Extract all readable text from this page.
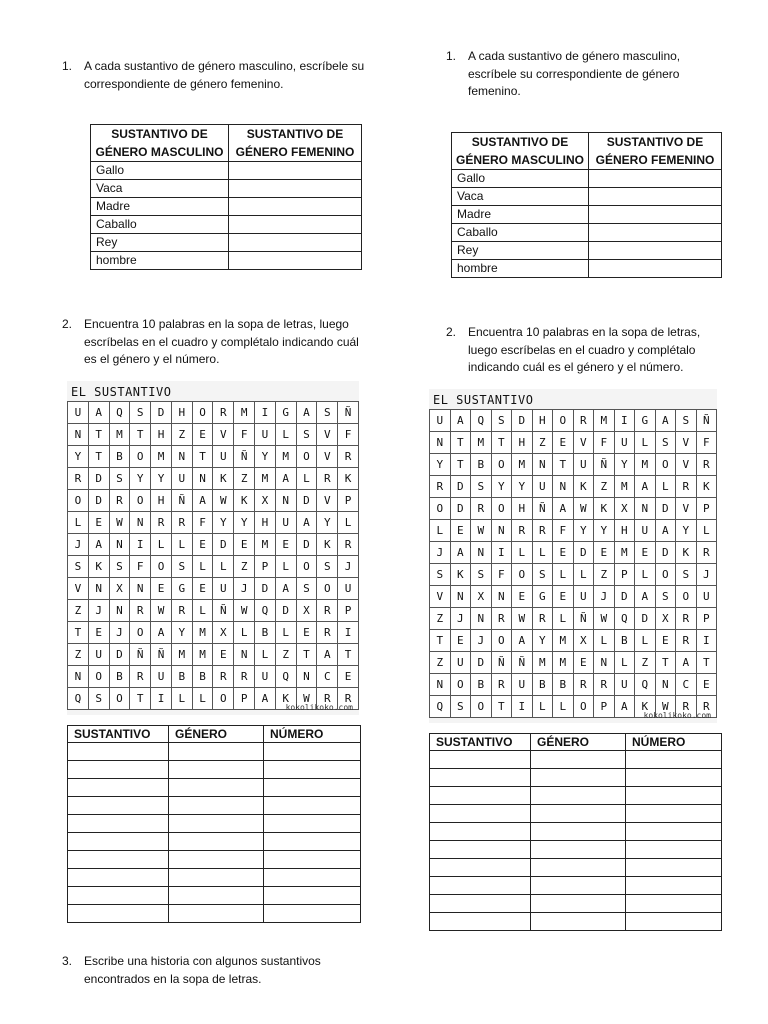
1. A cada sustantivo de género masculino, escríbele su correspondiente de género femenino.
SUSTANTIVO DE GÉNERO MASCULINO	SUSTANTIVO DE GÉNERO FEMENINO
Gallo	
Vaca	
Madre	
Caballo	
Rey	
hombre	
2. Encuentra 10 palabras en la sopa de letras, luego escríbelas en el cuadro y complétalo indicando cuál es el género y el número.
EL SUSTANTIVO
U	A	Q	S	D	H	O	R	M	I	G	A	S	Ñ
N	T	M	T	H	Z	E	V	F	U	L	S	V	F
Y	T	B	O	M	N	T	U	Ñ	Y	M	O	V	R
R	D	S	Y	Y	U	N	K	Z	M	A	L	R	K
O	D	R	O	H	Ñ	A	W	K	X	N	D	V	P
L	E	W	N	R	R	F	Y	Y	H	U	A	Y	L
J	A	N	I	L	L	E	D	E	M	E	D	K	R
S	K	S	F	O	S	L	L	Z	P	L	O	S	J
V	N	X	N	E	G	E	U	J	D	A	S	O	U
Z	J	N	R	W	R	L	Ñ	W	Q	D	X	R	P
T	E	J	O	A	Y	M	X	L	B	L	E	R	I
Z	U	D	Ñ	Ñ	M	M	E	N	L	Z	T	A	T
N	O	B	R	U	B	B	R	R	U	Q	N	C	E
Q	S	O	T	I	L	L	O	P	A	K	W	R	R
kokolikoko.com
SUSTANTIVO	GÉNERO	NÚMERO

3. Escribe una historia con algunos sustantivos encontrados en la sopa de letras.
1. A cada sustantivo de género masculino, escríbele su correspondiente de género femenino.
SUSTANTIVO DE GÉNERO MASCULINO	SUSTANTIVO DE GÉNERO FEMENINO
Gallo	
Vaca	
Madre	
Caballo	
Rey	
hombre	
2. Encuentra 10 palabras en la sopa de letras, luego escríbelas en el cuadro y complétalo indicando cuál es el género y el número.
EL SUSTANTIVO
U	A	Q	S	D	H	O	R	M	I	G	A	S	Ñ
N	T	M	T	H	Z	E	V	F	U	L	S	V	F
Y	T	B	O	M	N	T	U	Ñ	Y	M	O	V	R
R	D	S	Y	Y	U	N	K	Z	M	A	L	R	K
O	D	R	O	H	Ñ	A	W	K	X	N	D	V	P
L	E	W	N	R	R	F	Y	Y	H	U	A	Y	L
J	A	N	I	L	L	E	D	E	M	E	D	K	R
S	K	S	F	O	S	L	L	Z	P	L	O	S	J
V	N	X	N	E	G	E	U	J	D	A	S	O	U
Z	J	N	R	W	R	L	Ñ	W	Q	D	X	R	P
T	E	J	O	A	Y	M	X	L	B	L	E	R	I
Z	U	D	Ñ	Ñ	M	M	E	N	L	Z	T	A	T
N	O	B	R	U	B	B	R	R	U	Q	N	C	E
Q	S	O	T	I	L	L	O	P	A	K	W	R	R
kokolikoko.com
SUSTANTIVO	GÉNERO	NÚMERO
